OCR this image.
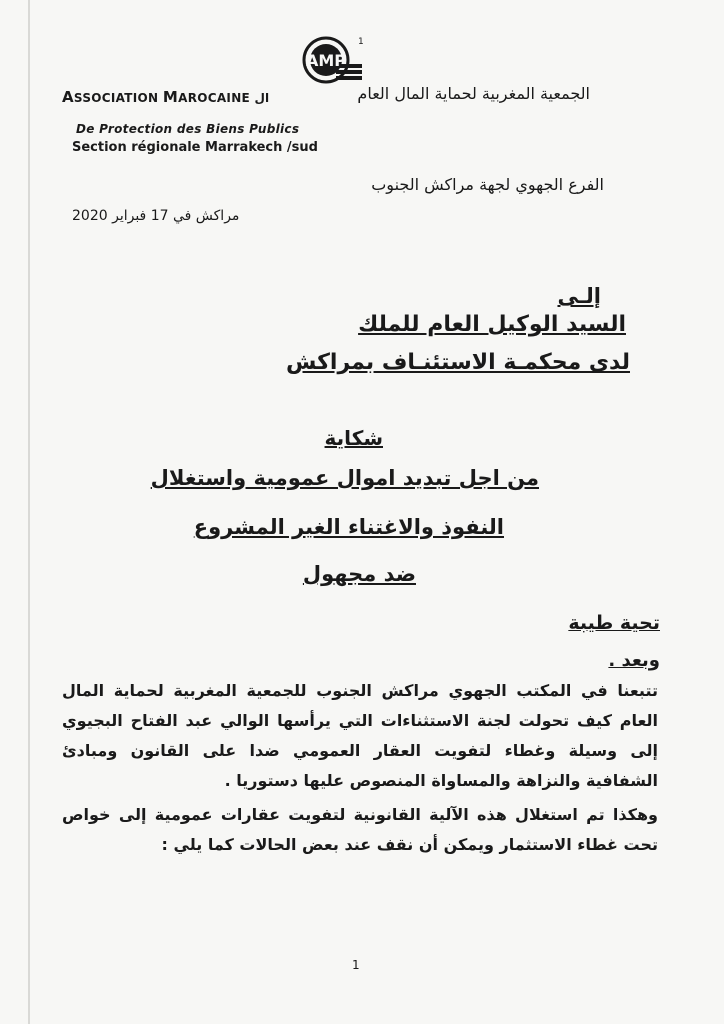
AMP
1
ASSOCIATION MAROCAINE ال
De Protection des Biens Publics
Section régionale Marrakech /sud
الجمعية المغربية لحماية المال العام
الفرع الجهوي لجهة مراكش الجنوب
مراكش في 17 فبراير 2020
إلـى
السيد الوكيل العام للملك
لدى محكمـة الاستئنـاف بمراكش
شكاية
من اجل تبديد اموال عمومية واستغلال
النفوذ والاغتناء الغير المشروع
ضد مجهول
تحية طيبة
وبعد .
تتبعنا في المكتب الجهوي مراكش الجنوب للجمعية المغربية لحماية المال العام كيف تحولت لجنة الاستثناءات التي يرأسها الوالي عبد الفتاح البجيوي إلى وسيلة وغطاء لتفويت العقار العمومي ضدا على القانون ومبادئ الشفافية والنزاهة والمساواة المنصوص عليها دستوريا .
وهكذا تم استغلال هذه الآلية القانونية لتفويت عقارات عمومية إلى خواص تحت غطاء الاستثمار ويمكن أن نقف عند بعض الحالات كما يلي :
1
